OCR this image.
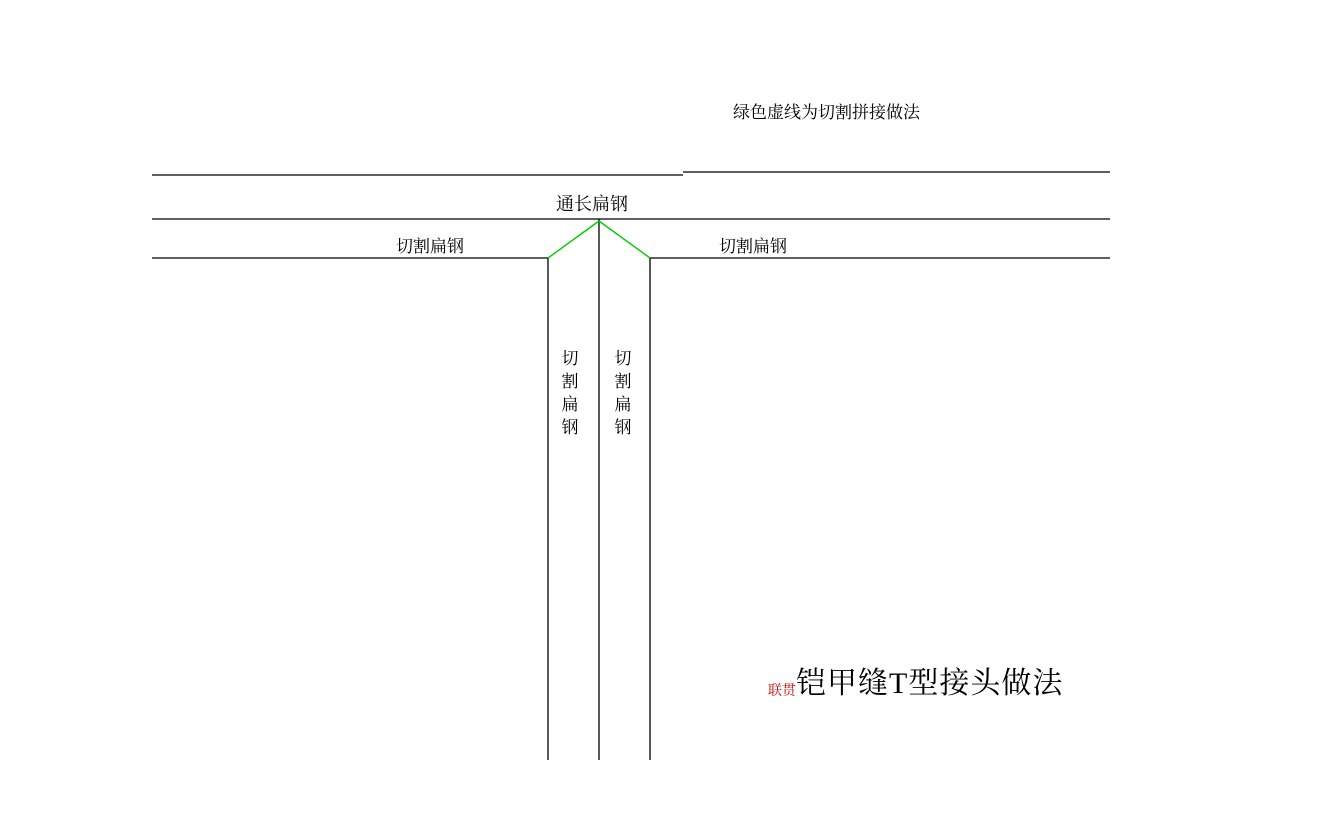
绿色虚线为切割拼接做法
通长扁钢
切割扁钢	切割扁钢
切
割
扁
钢
切
割
扁
钢
联贯 铠甲缝T型接头做法
